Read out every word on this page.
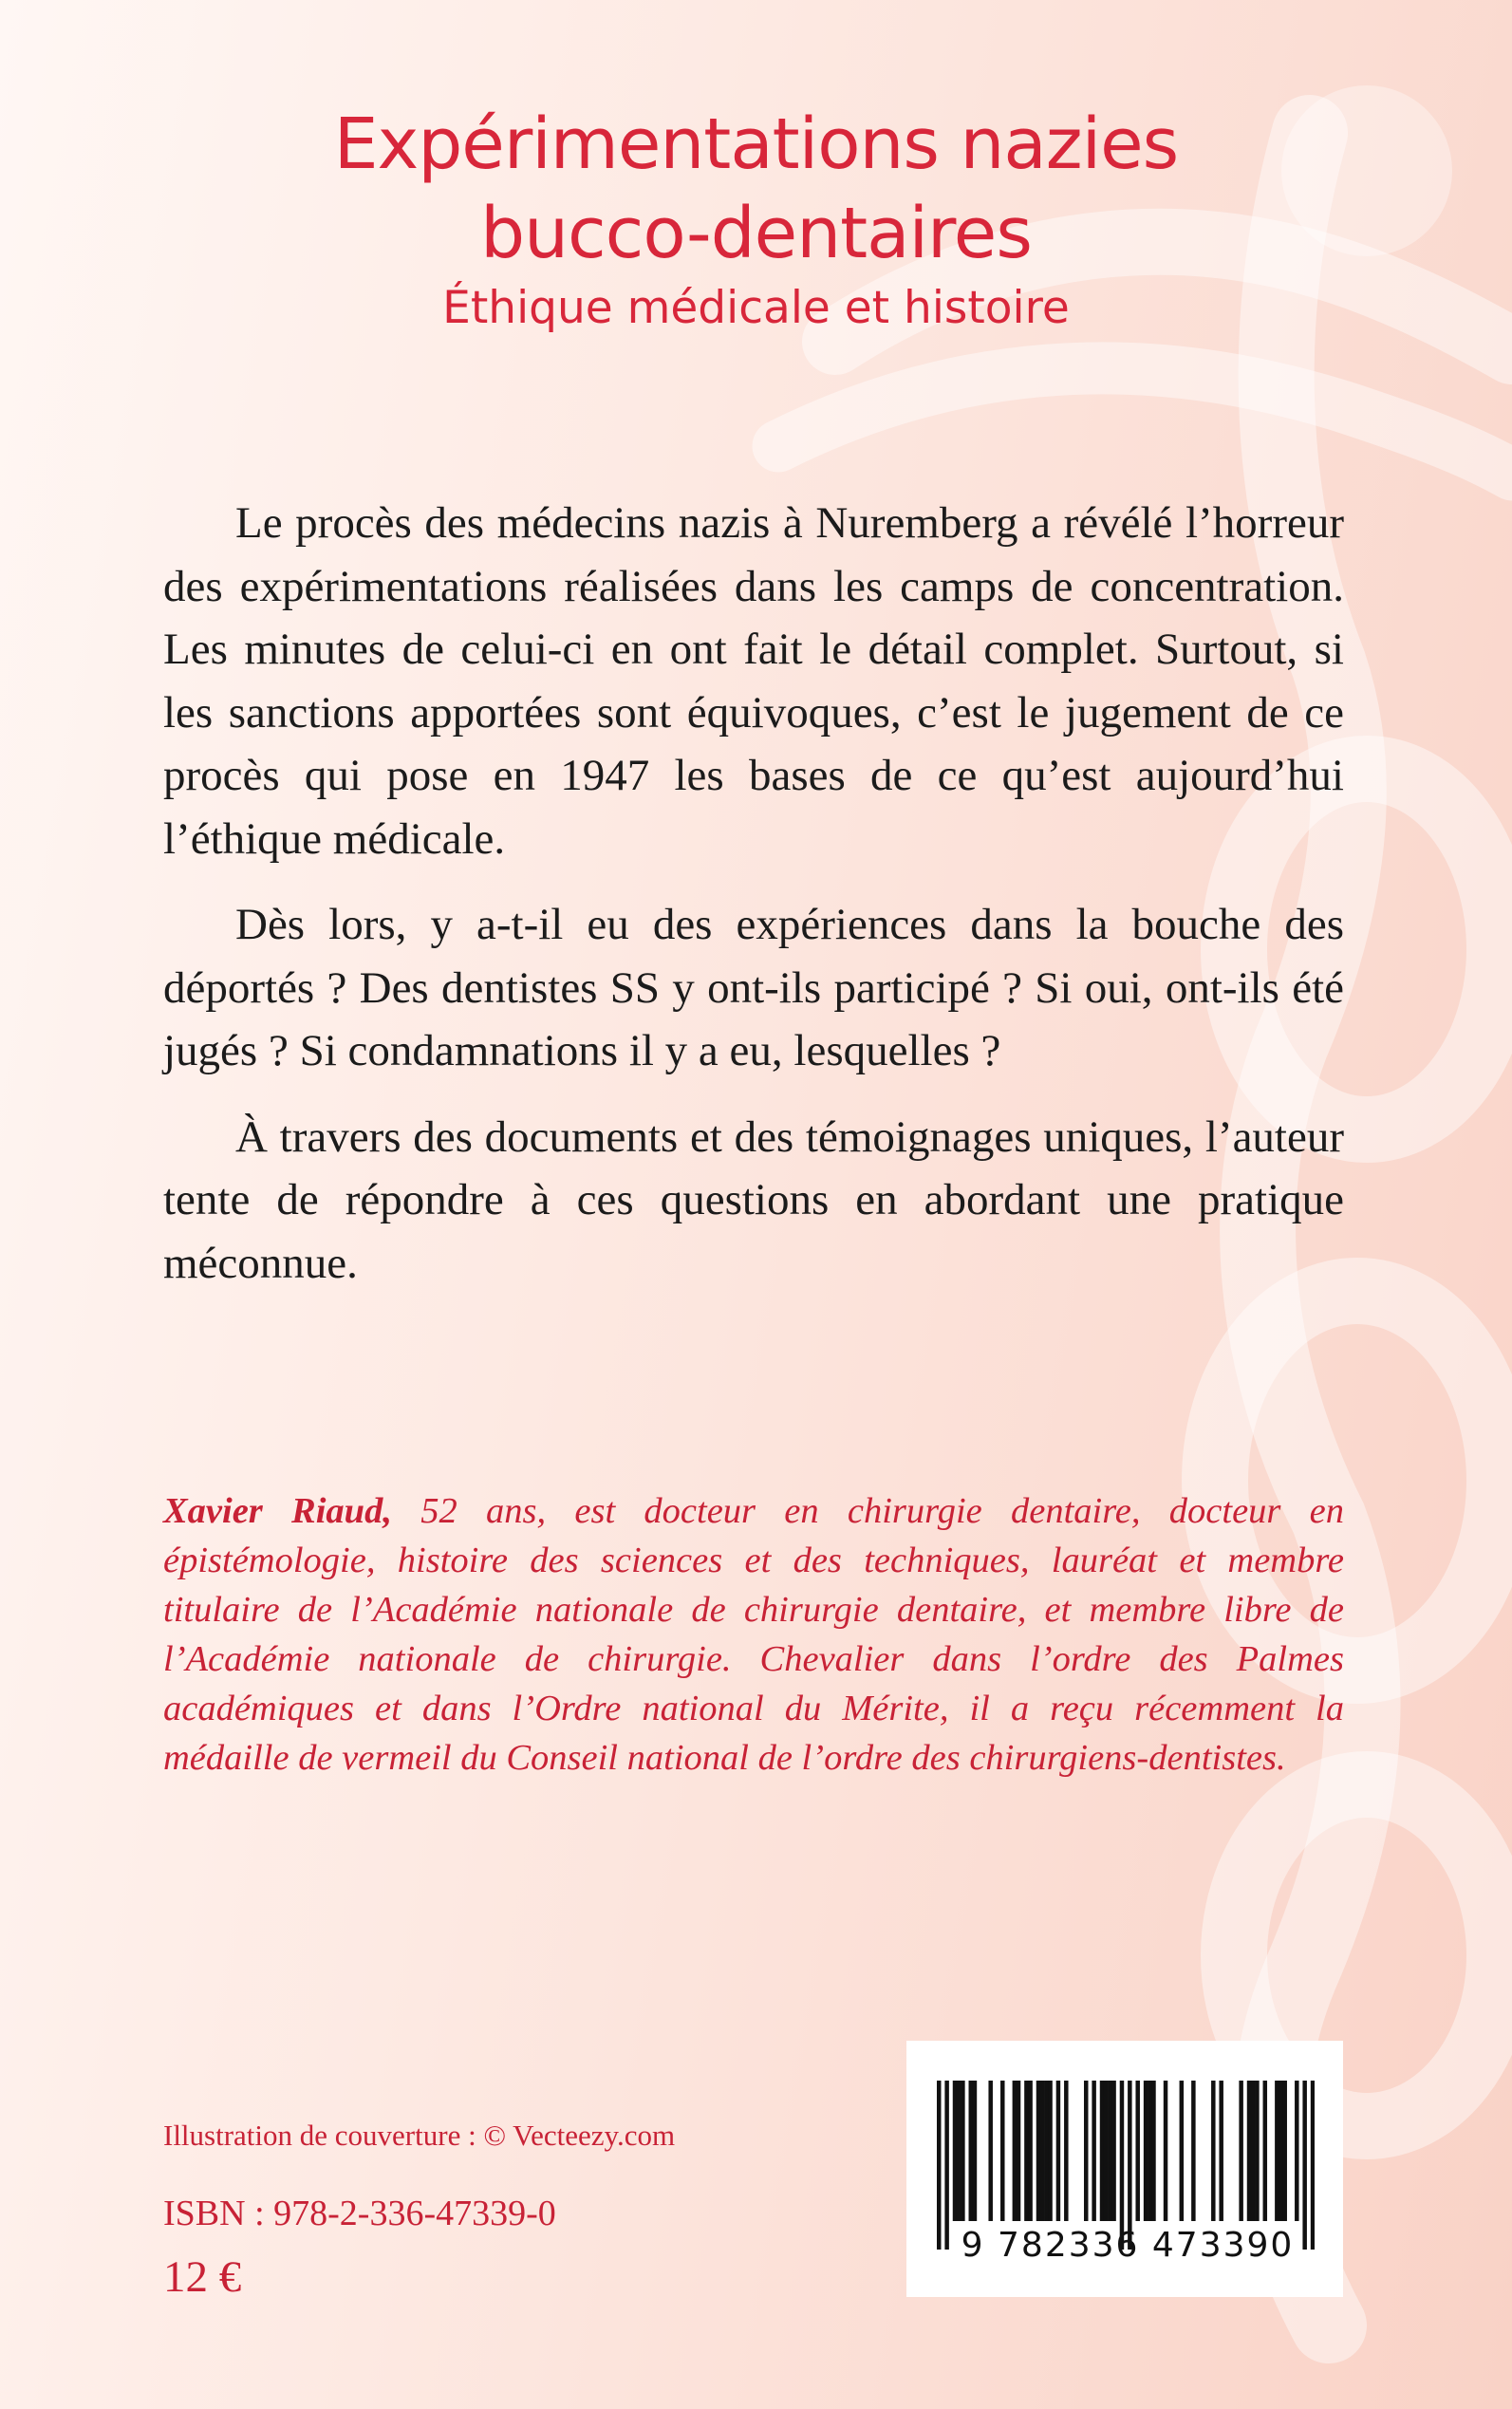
Expérimentations nazies
bucco-dentaires
Éthique médicale et histoire

Le procès des médecins nazis à Nuremberg a révélé l’horreur des expérimentations réalisées dans les camps de concentration. Les minutes de celui-ci en ont fait le détail complet. Surtout, si les sanctions apportées sont équivoques, c’est le jugement de ce procès qui pose en 1947 les bases de ce qu’est aujourd’hui l’éthique médicale.

Dès lors, y a-t-il eu des expériences dans la bouche des déportés ? Des dentistes SS y ont-ils participé ? Si oui, ont-ils été jugés ? Si condamnations il y a eu, lesquelles ?

À travers des documents et des témoignages uniques, l’auteur tente de répondre à ces questions en abordant une pratique méconnue.

Xavier Riaud, 52 ans, est docteur en chirurgie dentaire, docteur en épistémologie, histoire des sciences et des techniques, lauréat et membre titulaire de l’Académie nationale de chirurgie dentaire, et membre libre de l’Académie nationale de chirurgie. Chevalier dans l’ordre des Palmes académiques et dans l’Ordre national du Mérite, il a reçu récemment la médaille de vermeil du Conseil national de l’ordre des chirurgiens-dentistes.

Illustration de couverture : © Vecteezy.com
ISBN : 978-2-336-47339-0
12 €
9 782336 473390
